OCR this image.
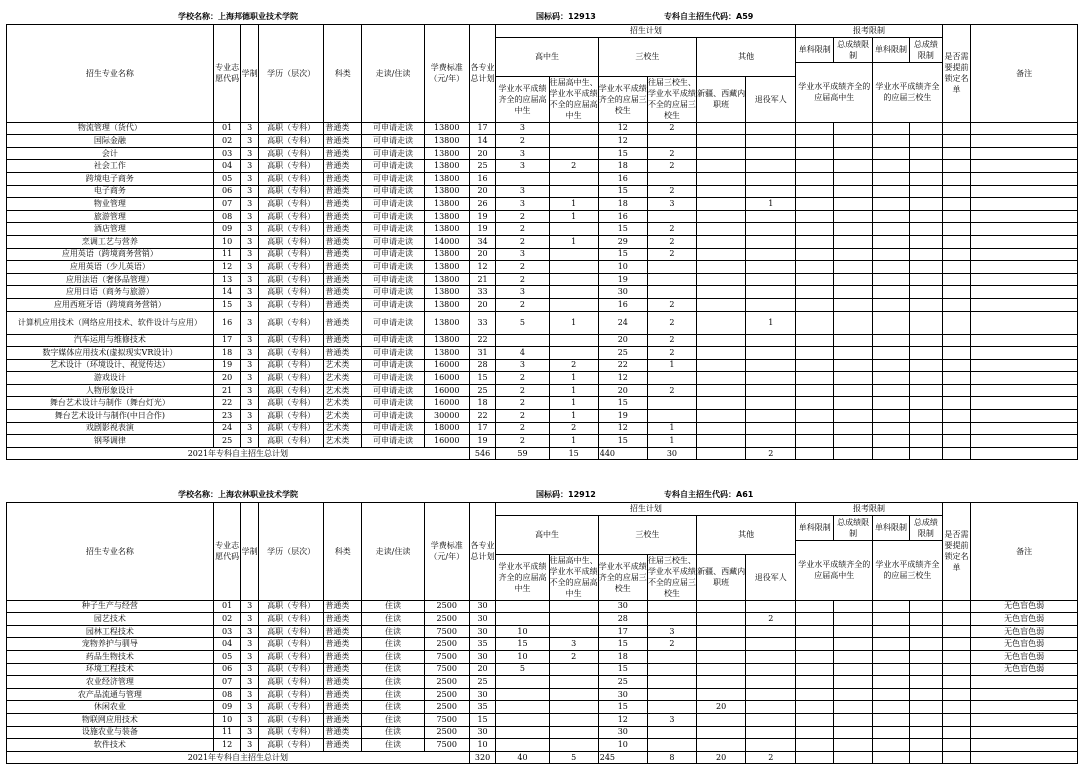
学校名称：上海邦德职业技术学院	国标码：12913	专科自主招生代码：A59
招生专业名称	专业志愿代码	学制	学历（层次）	科类	走读/住读	学费标准（元/年）	各专业总计划	招生计划						报考限制				是否需要提前锁定名单	备注
								高中生		三校生		其他		单科限制	总成绩限制	单科限制	总成绩限制		
														学业水平成绩齐全的应届高中生		学业水平成绩齐全的应届三校生			
								学业水平成绩齐全的应届高中生	往届高中生、学业水平成绩不全的应届高中生	学业水平成绩齐全的应届三校生	往届三校生、学业水平成绩不全的应届三校生	新疆、西藏内职班	退役军人						
物流管理（货代）	01	3	高职（专科）	普通类	可申请走读	13800	17	3		12	2								
国际金融	02	3	高职（专科）	普通类	可申请走读	13800	14	2		12									
会计	03	3	高职（专科）	普通类	可申请走读	13800	20	3		15	2								
社会工作	04	3	高职（专科）	普通类	可申请走读	13800	25	3	2	18	2								
跨境电子商务	05	3	高职（专科）	普通类	可申请走读	13800	16			16									
电子商务	06	3	高职（专科）	普通类	可申请走读	13800	20	3		15	2								
物业管理	07	3	高职（专科）	普通类	可申请走读	13800	26	3	1	18	3		1						
旅游管理	08	3	高职（专科）	普通类	可申请走读	13800	19	2	1	16									
酒店管理	09	3	高职（专科）	普通类	可申请走读	13800	19	2		15	2								
烹调工艺与营养	10	3	高职（专科）	普通类	可申请走读	14000	34	2	1	29	2								
应用英语（跨境商务营销）	11	3	高职（专科）	普通类	可申请走读	13800	20	3		15	2								
应用英语（少儿英语）	12	3	高职（专科）	普通类	可申请走读	13800	12	2		10									
应用法语（奢侈品管理）	13	3	高职（专科）	普通类	可申请走读	13800	21	2		19									
应用日语（商务与旅游）	14	3	高职（专科）	普通类	可申请走读	13800	33	3		30									
应用西班牙语（跨境商务营销）	15	3	高职（专科）	普通类	可申请走读	13800	20	2		16	2								
计算机应用技术（网络应用技术、软件设计与应用）	16	3	高职（专科）	普通类	可申请走读	13800	33	5	1	24	2		1						
汽车运用与维修技术	17	3	高职（专科）	普通类	可申请走读	13800	22			20	2								
数字媒体应用技术(虚拟现实VR设计）	18	3	高职（专科）	普通类	可申请走读	13800	31	4		25	2								
艺术设计（环境设计、视觉传达）	19	3	高职（专科）	艺术类	可申请走读	16000	28	3	2	22	1								
游戏设计	20	3	高职（专科）	艺术类	可申请走读	16000	15	2	1	12									
人物形象设计	21	3	高职（专科）	艺术类	可申请走读	16000	25	2	1	20	2								
舞台艺术设计与制作（舞台灯光）	22	3	高职（专科）	艺术类	可申请走读	16000	18	2	1	15									
舞台艺术设计与制作(中日合作)	23	3	高职（专科）	艺术类	可申请走读	30000	22	2	1	19									
戏剧影视表演	24	3	高职（专科）	艺术类	可申请走读	18000	17	2	2	12	1								
钢琴调律	25	3	高职（专科）	艺术类	可申请走读	16000	19	2	1	15	1								
2021年专科自主招生总计划							546	59	15	440	30		2						
学校名称：上海农林职业技术学院	国标码：12912	专科自主招生代码：A61
招生专业名称	专业志愿代码	学制	学历（层次）	科类	走读/住读	学费标准（元/年）	各专业总计划	招生计划						报考限制				是否需要提前锁定名单	备注
								高中生		三校生		其他		单科限制	总成绩限制	单科限制	总成绩限制		
														学业水平成绩齐全的应届高中生		学业水平成绩齐全的应届三校生			
								学业水平成绩齐全的应届高中生	往届高中生、学业水平成绩不全的应届高中生	学业水平成绩齐全的应届三校生	往届三校生、学业水平成绩不全的应届三校生	新疆、西藏内职班	退役军人						
种子生产与经营	01	3	高职（专科）	普通类	住读	2500	30			30									无色盲色弱
园艺技术	02	3	高职（专科）	普通类	住读	2500	30			28			2						无色盲色弱
园林工程技术	03	3	高职（专科）	普通类	住读	7500	30	10		17	3								无色盲色弱
宠物养护与驯导	04	3	高职（专科）	普通类	住读	2500	35	15	3	15	2								无色盲色弱
药品生物技术	05	3	高职（专科）	普通类	住读	7500	30	10	2	18									无色盲色弱
环境工程技术	06	3	高职（专科）	普通类	住读	7500	20	5		15									无色盲色弱
农业经济管理	07	3	高职（专科）	普通类	住读	2500	25			25									
农产品流通与管理	08	3	高职（专科）	普通类	住读	2500	30			30									
休闲农业	09	3	高职（专科）	普通类	住读	2500	35			15		20							
物联网应用技术	10	3	高职（专科）	普通类	住读	7500	15			12	3								
设施农业与装备	11	3	高职（专科）	普通类	住读	2500	30			30									
软件技术	12	3	高职（专科）	普通类	住读	7500	10			10									
2021年专科自主招生总计划							320	40	5	245	8	20	2						
